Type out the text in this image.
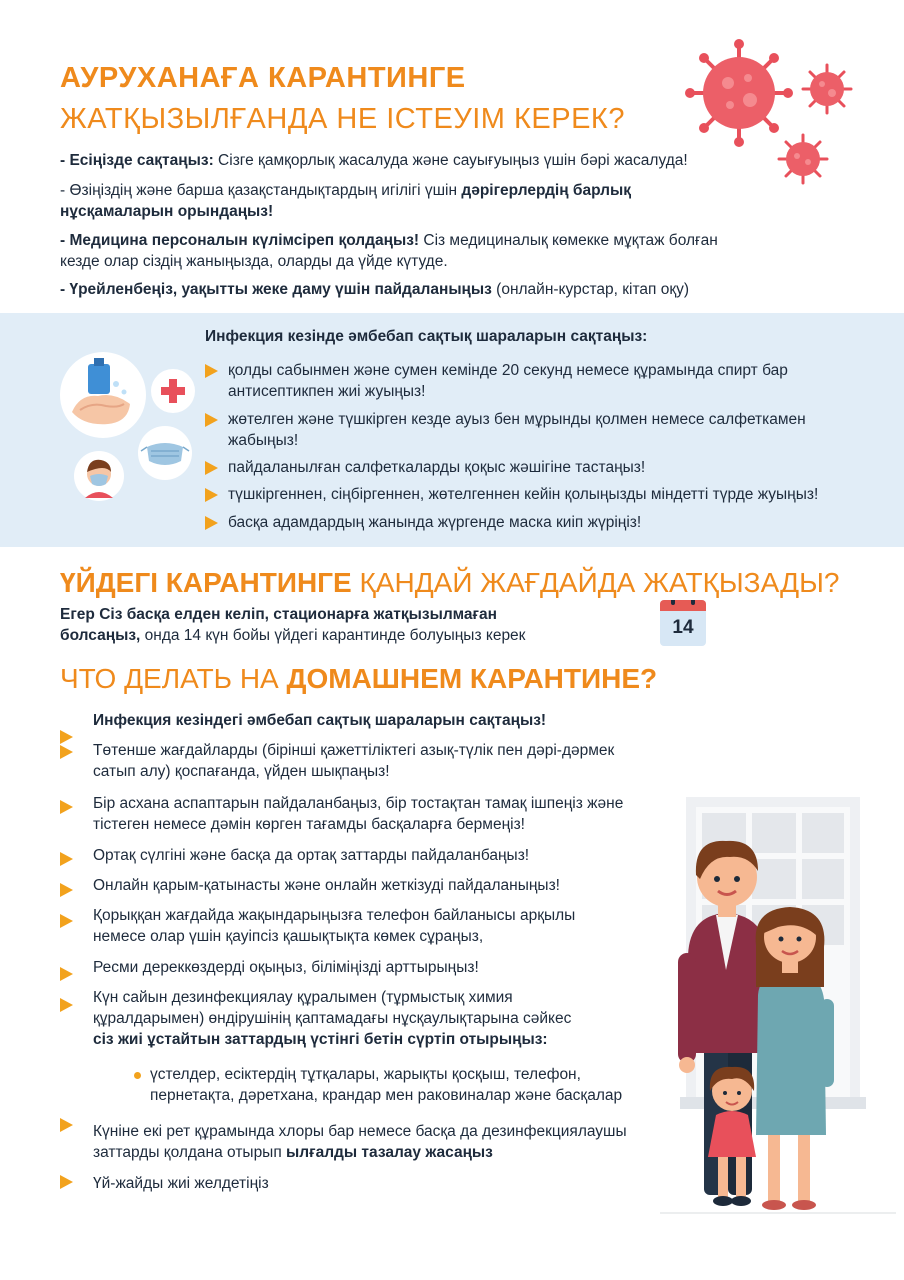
АУРУХАНАҒА КАРАНТИНГЕ
ЖАТҚЫЗЫЛҒАНДА НЕ ІСТЕУІМ КЕРЕК?
- Есіңізде сақтаңыз: Сізге қамқорлық жасалуда және сауығуыңыз үшін бәрі жасалуда!
- Өзіңіздің және барша қазақстандықтардың игілігі үшін дәрігерлердің барлық
нұсқамаларын орындаңыз!
- Медицина персоналын күлімсіреп қолдаңыз! Сіз медициналық көмекке мұқтаж болған
кезде олар сіздің жаныңызда, оларды да үйде күтуде.
- Үрейленбеңіз, уақытты жеке даму үшін пайдаланыңыз (онлайн-курстар, кітап оқу)
Инфекция кезінде әмбебап сақтық шараларын сақтаңыз:
қолды сабынмен және сумен кемінде 20 секунд немесе құрамында спирт бар
антисептикпен жиі жуыңыз!
жөтелген және түшкірген кезде ауыз бен мұрынды қолмен немесе салфеткамен
жабыңыз!
пайдаланылған салфеткаларды қоқыс жәшігіне тастаңыз!
түшкіргеннен, сіңбіргеннен, жөтелгеннен кейін қолыңызды міндетті түрде жуыңыз!
басқа адамдардың жанында жүргенде маска киіп жүріңіз!
ҮЙДЕГІ КАРАНТИНГЕ ҚАНДАЙ ЖАҒДАЙДА ЖАТҚЫЗАДЫ?
Егер Сіз басқа елден келіп, стационарға жатқызылмаған
болсаңыз, онда 14 күн бойы үйдегі карантинде болуыңыз керек	14
ЧТО ДЕЛАТЬ НА ДОМАШНЕМ КАРАНТИНЕ?
Инфекция кезіндегі әмбебап сақтық шараларын сақтаңыз!
Төтенше жағдайларды (бірінші қажеттіліктегі азық-түлік пен дәрі-дәрмек
сатып алу) қоспағанда, үйден шықпаңыз!
Бір асхана аспаптарын пайдаланбаңыз, бір тостақтан тамақ ішпеңіз және
тістеген немесе дәмін көрген тағамды басқаларға бермеңіз!
Ортақ сүлгіні және басқа да ортақ заттарды пайдаланбаңыз!
Онлайн қарым-қатынасты және онлайн жеткізуді пайдаланыңыз!
Қорыққан жағдайда жақындарыңызға телефон байланысы арқылы
немесе олар үшін қауіпсіз қашықтықта көмек сұраңыз,
Ресми дереккөздерді оқыңыз, біліміңізді арттырыңыз!
Күн сайын дезинфекциялау құралымен (тұрмыстық химия
құралдарымен) өндірушінің қаптамадағы нұсқаулықтарына сәйкес
сіз жиі ұстайтын заттардың үстінгі бетін сүртіп отырыңыз:
үстелдер, есіктердің тұтқалары, жарықты қосқыш, телефон,
пернетақта, дәретхана, крандар мен раковиналар және басқалар
Күніне екі рет құрамында хлоры бар немесе басқа да дезинфекциялаушы
заттарды қолдана отырып ылғалды тазалау жасаңыз
Үй-жайды жиі желдетіңіз
